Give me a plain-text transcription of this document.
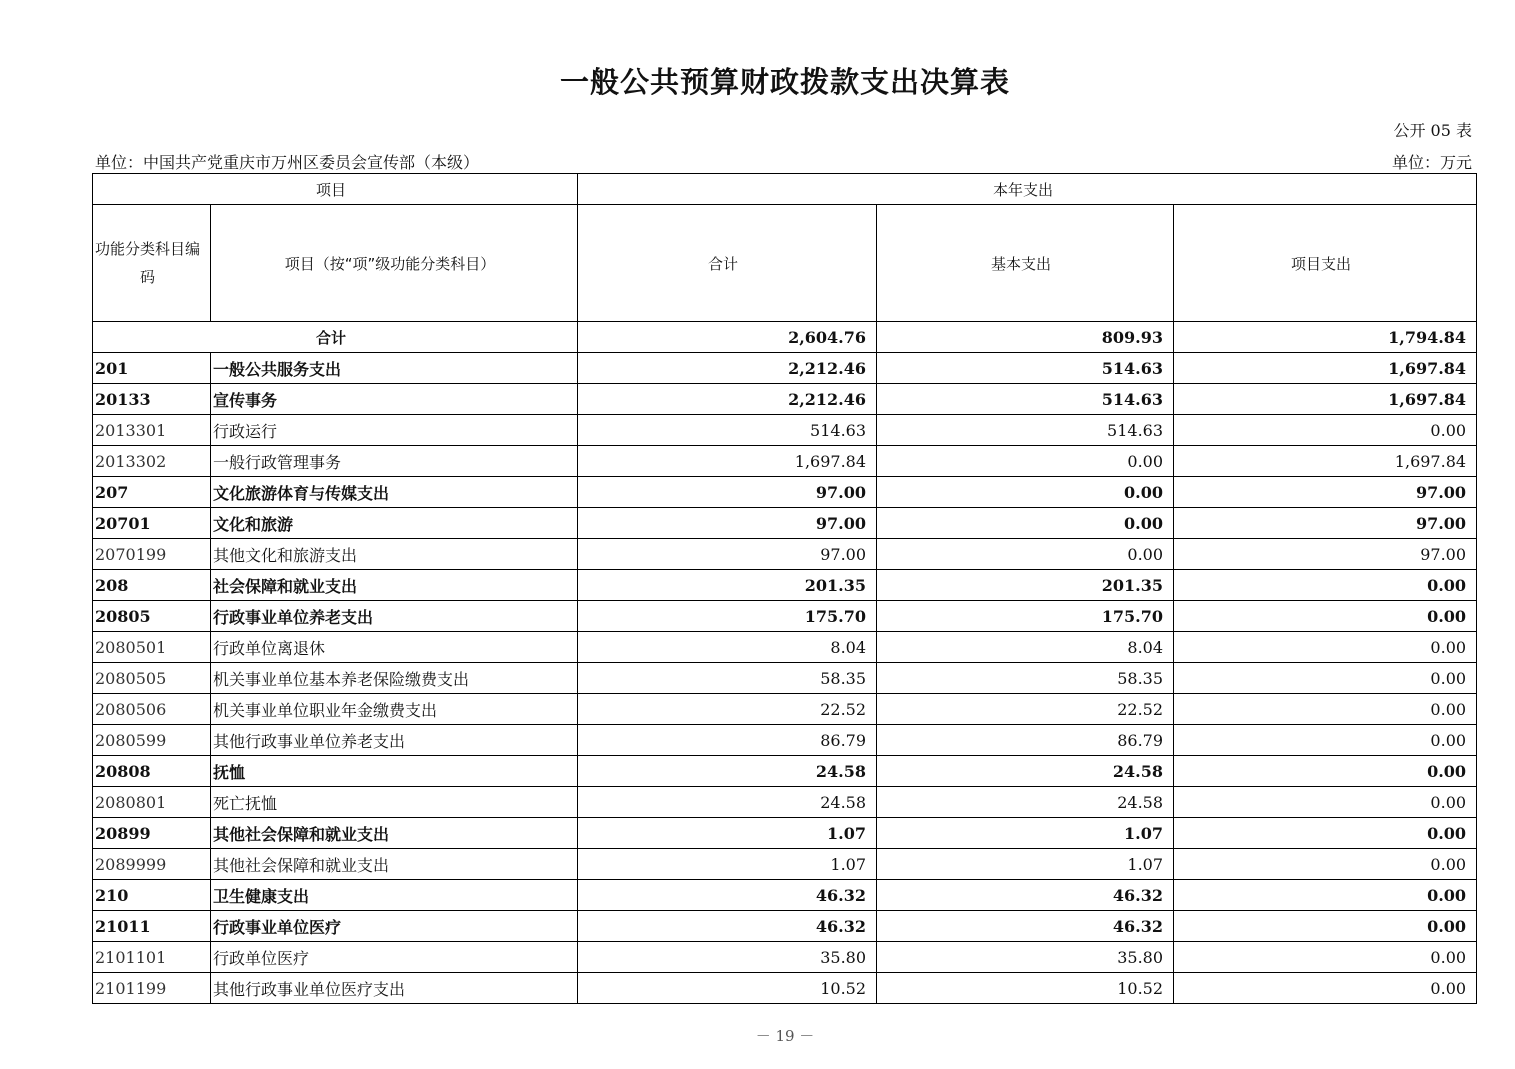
一般公共预算财政拨款支出决算表
公开 05 表
单位：中国共产党重庆市万州区委员会宣传部（本级）	单位：万元
项目		本年支出		
功能分类科目编码	项目（按“项”级功能分类科目）	合计	基本支出	项目支出
合计		2,604.76	809.93	1,794.84
201	一般公共服务支出	2,212.46	514.63	1,697.84
20133	宣传事务	2,212.46	514.63	1,697.84
2013301	行政运行	514.63	514.63	0.00
2013302	一般行政管理事务	1,697.84	0.00	1,697.84
207	文化旅游体育与传媒支出	97.00	0.00	97.00
20701	文化和旅游	97.00	0.00	97.00
2070199	其他文化和旅游支出	97.00	0.00	97.00
208	社会保障和就业支出	201.35	201.35	0.00
20805	行政事业单位养老支出	175.70	175.70	0.00
2080501	行政单位离退休	8.04	8.04	0.00
2080505	机关事业单位基本养老保险缴费支出	58.35	58.35	0.00
2080506	机关事业单位职业年金缴费支出	22.52	22.52	0.00
2080599	其他行政事业单位养老支出	86.79	86.79	0.00
20808	抚恤	24.58	24.58	0.00
2080801	死亡抚恤	24.58	24.58	0.00
20899	其他社会保障和就业支出	1.07	1.07	0.00
2089999	其他社会保障和就业支出	1.07	1.07	0.00
210	卫生健康支出	46.32	46.32	0.00
21011	行政事业单位医疗	46.32	46.32	0.00
2101101	行政单位医疗	35.80	35.80	0.00
2101199	其他行政事业单位医疗支出	10.52	10.52	0.00
－ 19 －
